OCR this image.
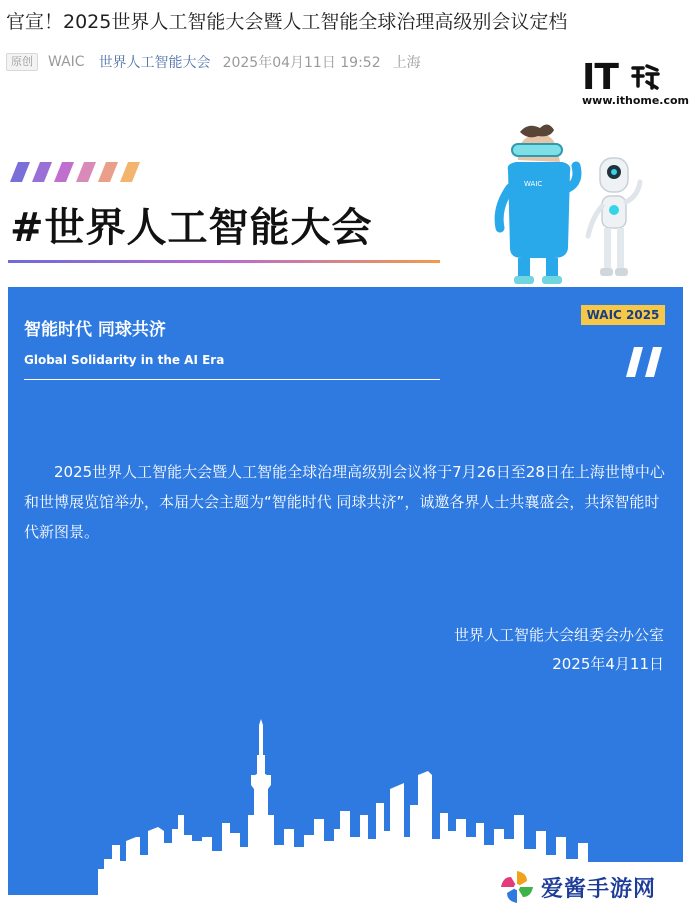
官宣！2025世界人工智能大会暨人工智能全球治理高级别会议定档
原创	WAIC 世界人工智能大会 2025年04月11日 19:52 上海	IT
www.ithome.com
#世界人工智能大会
WAIC
智能时代 同球共济
Global Solidarity in the AI Era
WAIC 2025
2025世界人工智能大会暨人工智能全球治理高级别会议将于7月26日至28日在上海世博中心和世博展览馆举办，本届大会主题为“智能时代 同球共济”，诚邀各界人士共襄盛会，共探智能时代新图景。
世界人工智能大会组委会办公室
2025年4月11日
爱酱手游网
